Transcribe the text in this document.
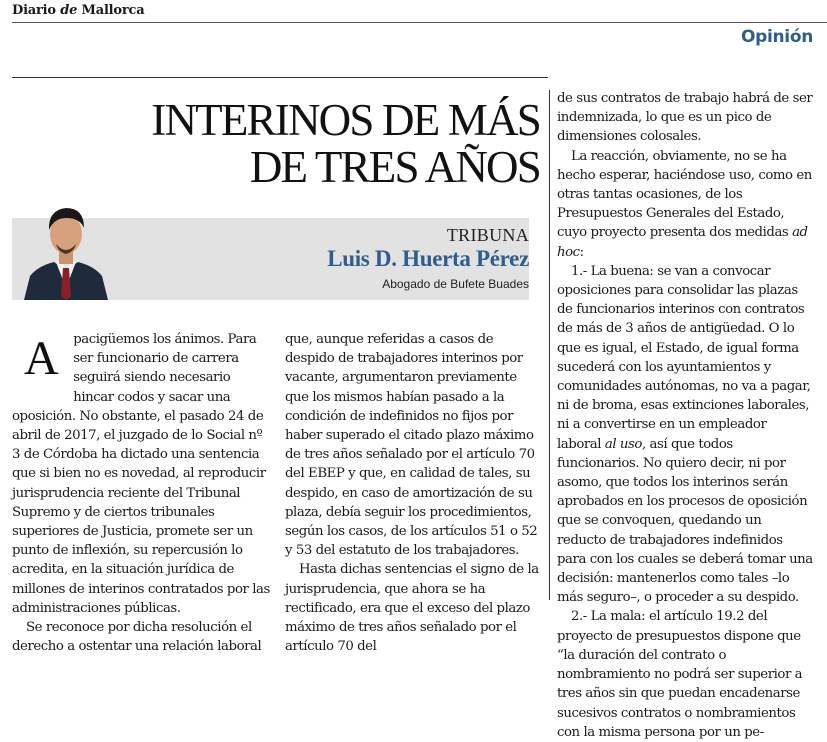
Diario de Mallorca
Opinión
INTERINOS DE MÁS
DE TRES AÑOS
TRIBUNA
Luis D. Huerta Pérez
Abogado de Bufete Buades
A	pacigüemos los ánimos. Para ser funcionario de carrera seguirá siendo necesario hincar codos y sacar una oposición. No obstante, el pasado 24 de abril de 2017, el juzgado de lo Social nº 3 de Córdoba ha dictado una sentencia que si bien no es novedad, al reproducir jurisprudencia reciente del Tribunal Supremo y de ciertos tribunales superiores de Justicia, promete ser un punto de inflexión, su repercusión lo acredita, en la situación jurídica de millones de interinos contratados por las administraciones públicas.

Se reconoce por dicha resolución el derecho a ostentar una relación laboral

que, aunque referidas a casos de despido de trabajadores interinos por vacante, argumentaron previamente que los mismos habían pasado a la condición de indefinidos no fijos por haber superado el citado plazo máximo de tres años señalado por el artículo 70 del EBEP y que, en calidad de tales, su despido, en caso de amortización de su plaza, debía seguir los procedimientos, según los casos, de los artículos 51 o 52 y 53 del estatuto de los trabajadores.

Hasta dichas sentencias el signo de la jurisprudencia, que ahora se ha rectificado, era que el exceso del plazo máximo de tres años señalado por el artículo 70 del

de sus contratos de trabajo habrá de ser indemnizada, lo que es un pico de dimensiones colosales.

La reacción, obviamente, no se ha hecho esperar, haciéndose uso, como en otras tantas ocasiones, de los Presupuestos Generales del Estado, cuyo proyecto presenta dos medidas ad hoc:

1.- La buena: se van a convocar oposiciones para consolidar las plazas de funcionarios interinos con contratos de más de 3 años de antigüedad. O lo que es igual, el Estado, de igual forma sucederá con los ayuntamientos y comunidades autónomas, no va a pagar, ni de broma, esas extinciones laborales, ni a convertirse en un empleador laboral al uso, así que todos funcionarios. No quiero decir, ni por asomo, que todos los interinos serán aprobados en los procesos de oposición que se convoquen, quedando un reducto de trabajadores indefinidos para con los cuales se deberá tomar una decisión: mantenerlos como tales –lo más seguro–, o proceder a su despido.

2.- La mala: el artículo 19.2 del proyecto de presupuestos dispone que “la duración del contrato o nombramiento no podrá ser superior a tres años sin que puedan encadenarse sucesivos contratos o nombramientos con la misma persona por un pe-
